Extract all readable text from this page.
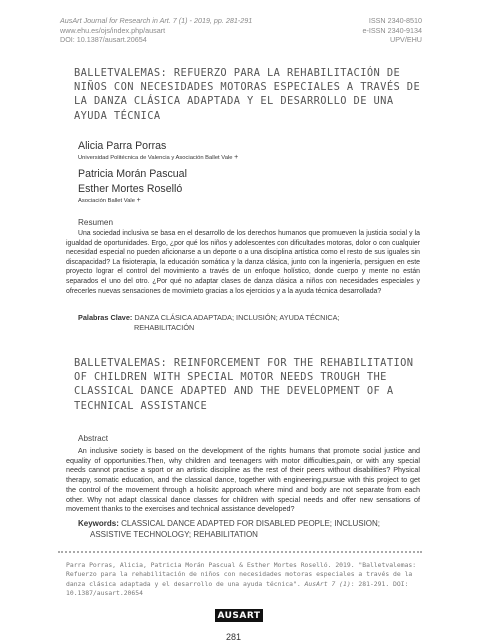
AusArt Journal for Research in Art. 7 (1) - 2019, pp. 281-291
www.ehu.es/ojs/index.php/ausart
DOI: 10.1387/ausart.20654
ISSN 2340-8510
e-ISSN 2340-9134
UPV/EHU
BALLETVALEMAS: REFUERZO PARA LA REHABILITACIÓN DE NIÑOS CON NECESIDADES MOTORAS ESPECIALES A TRAVÉS DE LA DANZA CLÁSICA ADAPTADA Y EL DESARROLLO DE UNA AYUDA TÉCNICA
Alicia Parra Porras
Universidad Politécnica de Valencia y Asociación Ballet Vale +
Patricia Morán Pascual
Esther Mortes Roselló
Asociación Ballet Vale +
Resumen
Una sociedad inclusiva se basa en el desarrollo de los derechos humanos que promueven la justicia social y la igualdad de oportunidades. Ergo, ¿por qué los niños y adolescentes con dificultades motoras, dolor o con cualquier necesidad especial no pueden aficionarse a un deporte o a una disciplina artística como el resto de sus iguales sin discapacidad? La fisioterapia, la educación somática y la danza clásica, junto con la ingeniería, persiguen en este proyecto lograr el control del movimiento a través de un enfoque holístico, donde cuerpo y mente no están separados el uno del otro. ¿Por qué no adaptar clases de danza clásica a niños con necesidades especiales y ofrecerles nuevas sensaciones de movimieto gracias a los ejercicios y a la ayuda técnica desarrollada?
Palabras Clave: DANZA CLÁSICA ADAPTADA; INCLUSIÓN; AYUDA TÉCNICA;
REHABILITACIÓN
BALLETVALEMAS: REINFORCEMENT FOR THE REHABILITATION OF CHILDREN WITH SPECIAL MOTOR NEEDS TROUGH THE CLASSICAL DANCE ADAPTED AND THE DEVELOPMENT OF A TECHNICAL ASSISTANCE
Abstract
An inclusive society is based on the development of the rights humans that promote social justice and equality of opportunities.Then, why children and teenagers with motor difficulties,pain, or with any special needs cannot practise a sport or an artistic discipline as the rest of their peers without disabilities? Physical therapy, somatic education, and the classical dance, together with engineering,pursue with this project to get the control of the movement through a holisitc approach where mind and body are not separate from each other. Why not adapt classical dance classes for children with special needs and offer new sensations of movement thanks to the exercises and technical assistance developed?
Keywords: CLASSICAL DANCE ADAPTED FOR DISABLED PEOPLE; INCLUSION;
ASSISTIVE TECHNOLOGY; REHABILITATION
Parra Porras, Alicia, Patricia Morán Pascual & Esther Mortes Roselló. 2019. "Balletvalemas: Refuerzo para la rehabilitación de niños con necesidades motoras especiales a través de la danza clásica adaptada y el desarrollo de una ayuda técnica". AusArt 7 (1): 281-291. DOI: 10.1387/ausart.20654
AUSART
281
